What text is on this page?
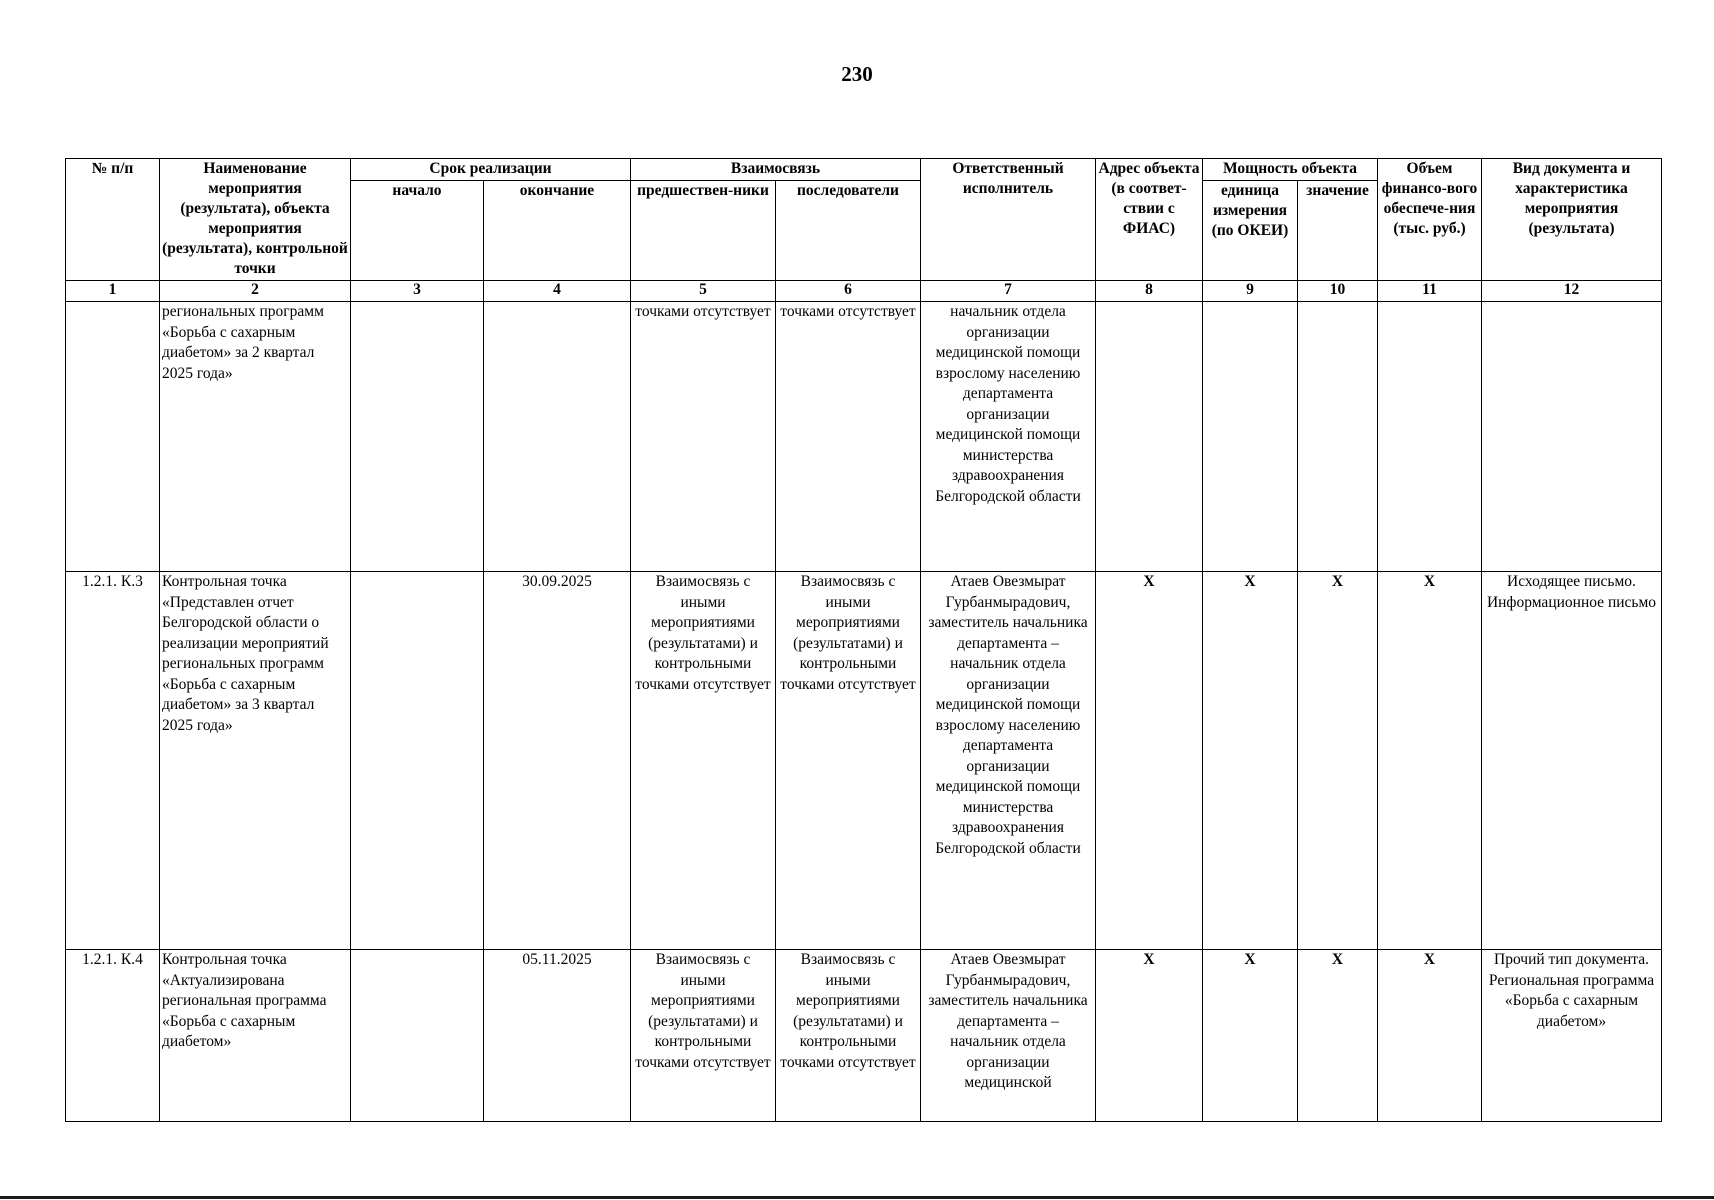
230
№ п/п	Наименование мероприятия (результата), объекта мероприятия (результата), контрольной точки	Срок реализации		Взаимосвязь		Ответственный исполнитель	Адрес объекта (в соответ-ствии с ФИАС)	Мощность объекта		Объем финансо-вого обеспече-ния (тыс. руб.)	Вид документа и характеристика мероприятия (результата)
		начало	окончание	предшествен-ники	последователи			единица измерения (по ОКЕИ)	значение		
1	2	3	4	5	6	7	8	9	10	11	12
	региональных программ «Борьба с сахарным диабетом» за 2 квартал 2025 года»			точками отсутствует	точками отсутствует	начальник отдела организации медицинской помощи взрослому населению департамента организации медицинской помощи министерства здравоохранения Белгородской области					
1.2.1. К.3	Контрольная точка «Представлен отчет Белгородской области о реализации мероприятий региональных программ «Борьба с сахарным диабетом» за 3 квартал 2025 года»		30.09.2025	Взаимосвязь с иными мероприятиями (результатами) и контрольными точками отсутствует	Взаимосвязь с иными мероприятиями (результатами) и контрольными точками отсутствует	Атаев Овезмырат Гурбанмырадович, заместитель начальника департамента – начальник отдела организации медицинской помощи взрослому населению департамента организации медицинской помощи министерства здравоохранения Белгородской области	X	X	X	X	Исходящее письмо. Информационное письмо
1.2.1. К.4	Контрольная точка «Актуализирована региональная программа «Борьба с сахарным диабетом»		05.11.2025	Взаимосвязь с иными мероприятиями (результатами) и контрольными точками отсутствует	Взаимосвязь с иными мероприятиями (результатами) и контрольными точками отсутствует	Атаев Овезмырат Гурбанмырадович, заместитель начальника департамента – начальник отдела организации медицинской	X	X	X	X	Прочий тип документа. Региональная программа «Борьба с сахарным диабетом»
